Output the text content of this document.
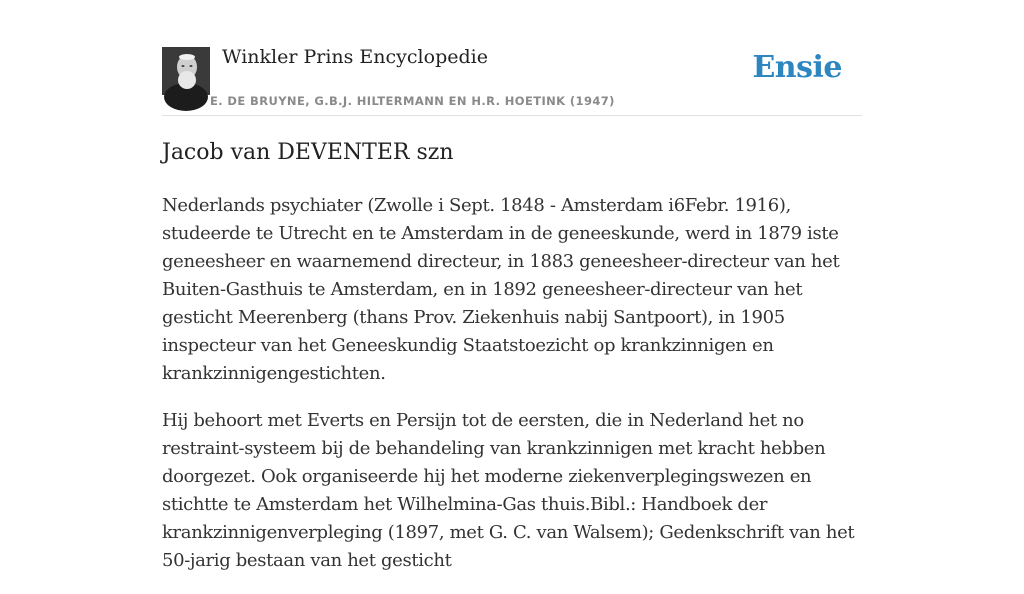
Winkler Prins Encyclopedie
E. DE BRUYNE, G.B.J. HILTERMANN EN H.R. HOETINK (1947)
Ensie
Jacob van DEVENTER szn

Nederlands psychiater (Zwolle i Sept. 1848 - Amsterdam i6Febr. 1916), studeerde te Utrecht en te Amsterdam in de geneeskunde, werd in 1879 iste geneesheer en waarnemend directeur, in 1883 geneesheer-directeur van het Buiten-Gasthuis te Amsterdam, en in 1892 geneesheer-directeur van het gesticht Meerenberg (thans Prov. Ziekenhuis nabij Santpoort), in 1905 inspecteur van het Geneeskundig Staatstoezicht op krankzinnigen en krankzinnigengestichten.

Hij behoort met Everts en Persijn tot de eersten, die in Nederland het no restraint-systeem bij de behandeling van krankzinnigen met kracht hebben doorgezet. Ook organiseerde hij het moderne ziekenverplegingswezen en stichtte te Amsterdam het Wilhelmina-Gas thuis.Bibl.: Handboek der krankzinnigenverpleging (1897, met G. C. van Walsem); Gedenkschrift van het 50-jarig bestaan van het gesticht
